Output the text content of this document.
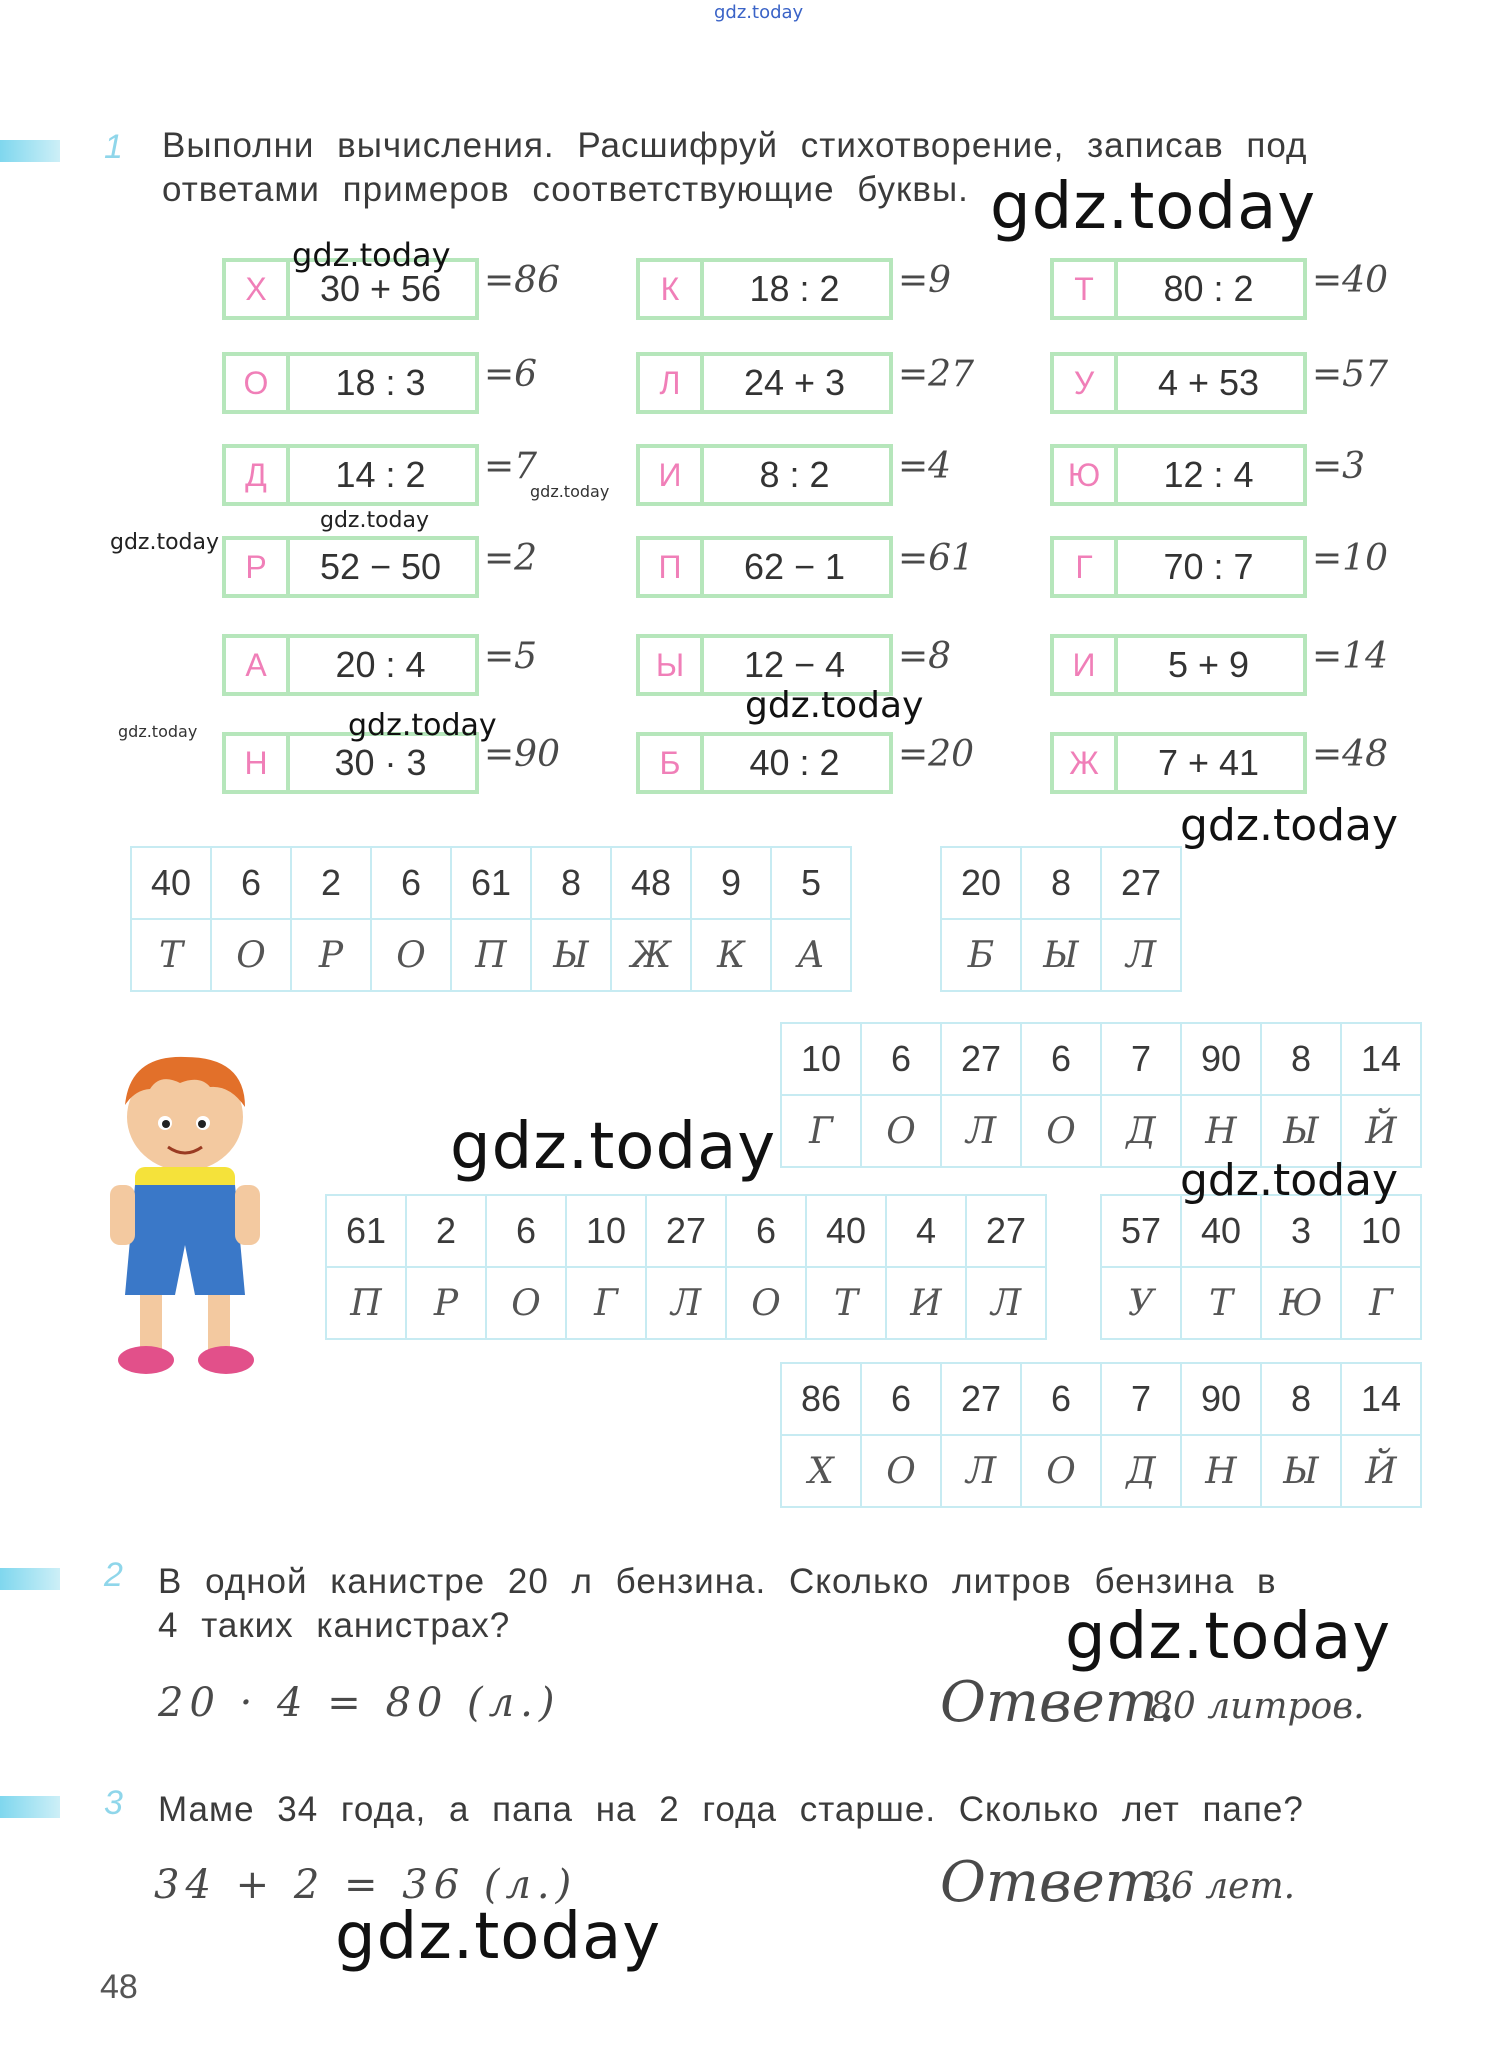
gdz.today
1 Выполни вычисления. Расшифруй стихотворение, записав под
ответами примеров соответствующие буквы.
Х	30 + 56	=86
О	18 : 3	=6
Д	14 : 2	=7
Р	52 − 50	=2
А	20 : 4	=5
Н	30 · 3	=90
К	18 : 2	=9
Л	24 + 3	=27
И	8 : 2	=4
П	62 − 1	=61
Ы	12 − 4	=8
Б	40 : 2	=20
Т	80 : 2	=40
У	4 + 53	=57
Ю	12 : 4	=3
Г	70 : 7	=10
И	5 + 9	=14
Ж	7 + 41	=48
40	6	2	6	61	8	48	9	5
Т	О	Р	О	П	Ы	Ж	К	А
20	8	27
Б	Ы	Л
10	6	27	6	7	90	8	14
Г	О	Л	О	Д	Н	Ы	Й
61	2	6	10	27	6	40	4	27
П	Р	О	Г	Л	О	Т	И	Л
57	40	3	10
У	Т	Ю	Г
86	6	27	6	7	90	8	14
Х	О	Л	О	Д	Н	Ы	Й
2 В одной канистре 20 л бензина. Сколько литров бензина в
4 таких канистрах?
20 · 4 = 80 (л.)	Ответ.
80 литров.
3 Маме 34 года, а папа на 2 года старше. Сколько лет папе?
34 + 2 = 36 (л.)	Ответ.
36 лет.
48
gdz.today
gdz.today
gdz.today
gdz.today
gdz.today
gdz.today
gdz.today
gdz.today
gdz.today
gdz.today
gdz.today
gdz.today	gdz.today
